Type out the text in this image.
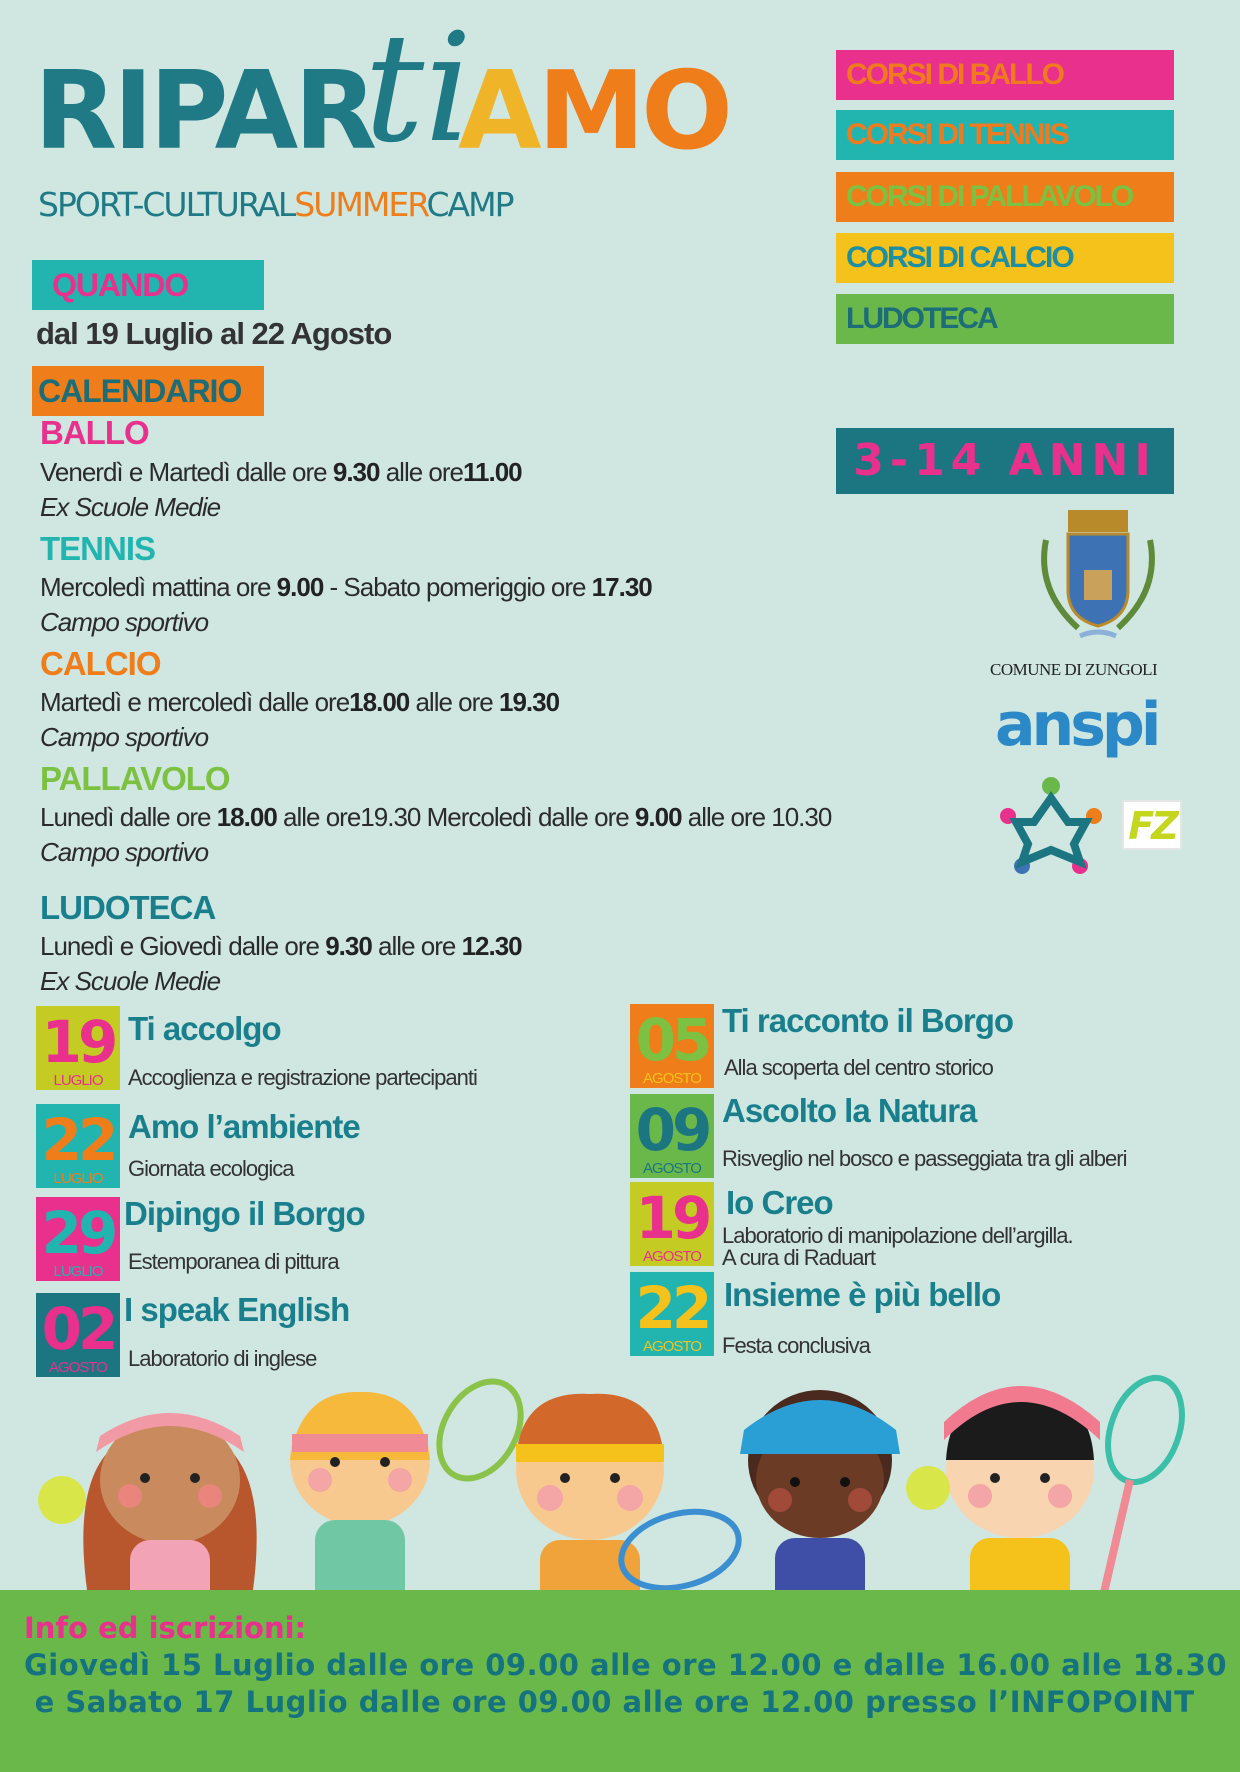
RIPAR
ti
AMO
SPORT-CULTURALSUMMERCAMP
CORSI DI BALLO
CORSI DI TENNIS
CORSI DI PALLAVOLO
CORSI DI CALCIO
LUDOTECA
3-14 ANNI
QUANDO
dal 19 Luglio al 22 Agosto
CALENDARIO
BALLO
Venerdì e Martedì dalle ore 9.30 alle ore11.00
Ex Scuole Medie
TENNIS
Mercoledì mattina ore 9.00 - Sabato pomeriggio ore 17.30
Campo sportivo
CALCIO
Martedì e mercoledì dalle ore18.00 alle ore 19.30
Campo sportivo
PALLAVOLO
Lunedì dalle ore 18.00 alle ore19.30 Mercoledì dalle ore 9.00 alle ore 10.30
Campo sportivo
LUDOTECA
Lunedì e Giovedì dalle ore 9.30 alle ore 12.30
Ex Scuole Medie
19
LUGLIO
Ti accolgo
Accoglienza e registrazione partecipanti
22
LUGLIO
Amo l’ambiente
Giornata ecologica
29
LUGLIO
Dipingo il Borgo
Estemporanea di pittura
02
AGOSTO
I speak English
Laboratorio di inglese
05
AGOSTO
Ti racconto il Borgo
Alla scoperta del centro storico
09
AGOSTO
Ascolto la Natura
Risveglio nel bosco e passeggiata tra gli alberi
19
AGOSTO
Io Creo
Laboratorio di manipolazione dell’argilla.
A cura di Raduart
22
AGOSTO
Insieme è più bello
Festa conclusiva
COMUNE DI ZUNGOLI
anspi
FZ
Info ed iscrizioni:
Giovedì 15 Luglio dalle ore 09.00 alle ore 12.00 e dalle 16.00 alle 18.30
e Sabato 17 Luglio dalle ore 09.00 alle ore 12.00 presso l’INFOPOINT
